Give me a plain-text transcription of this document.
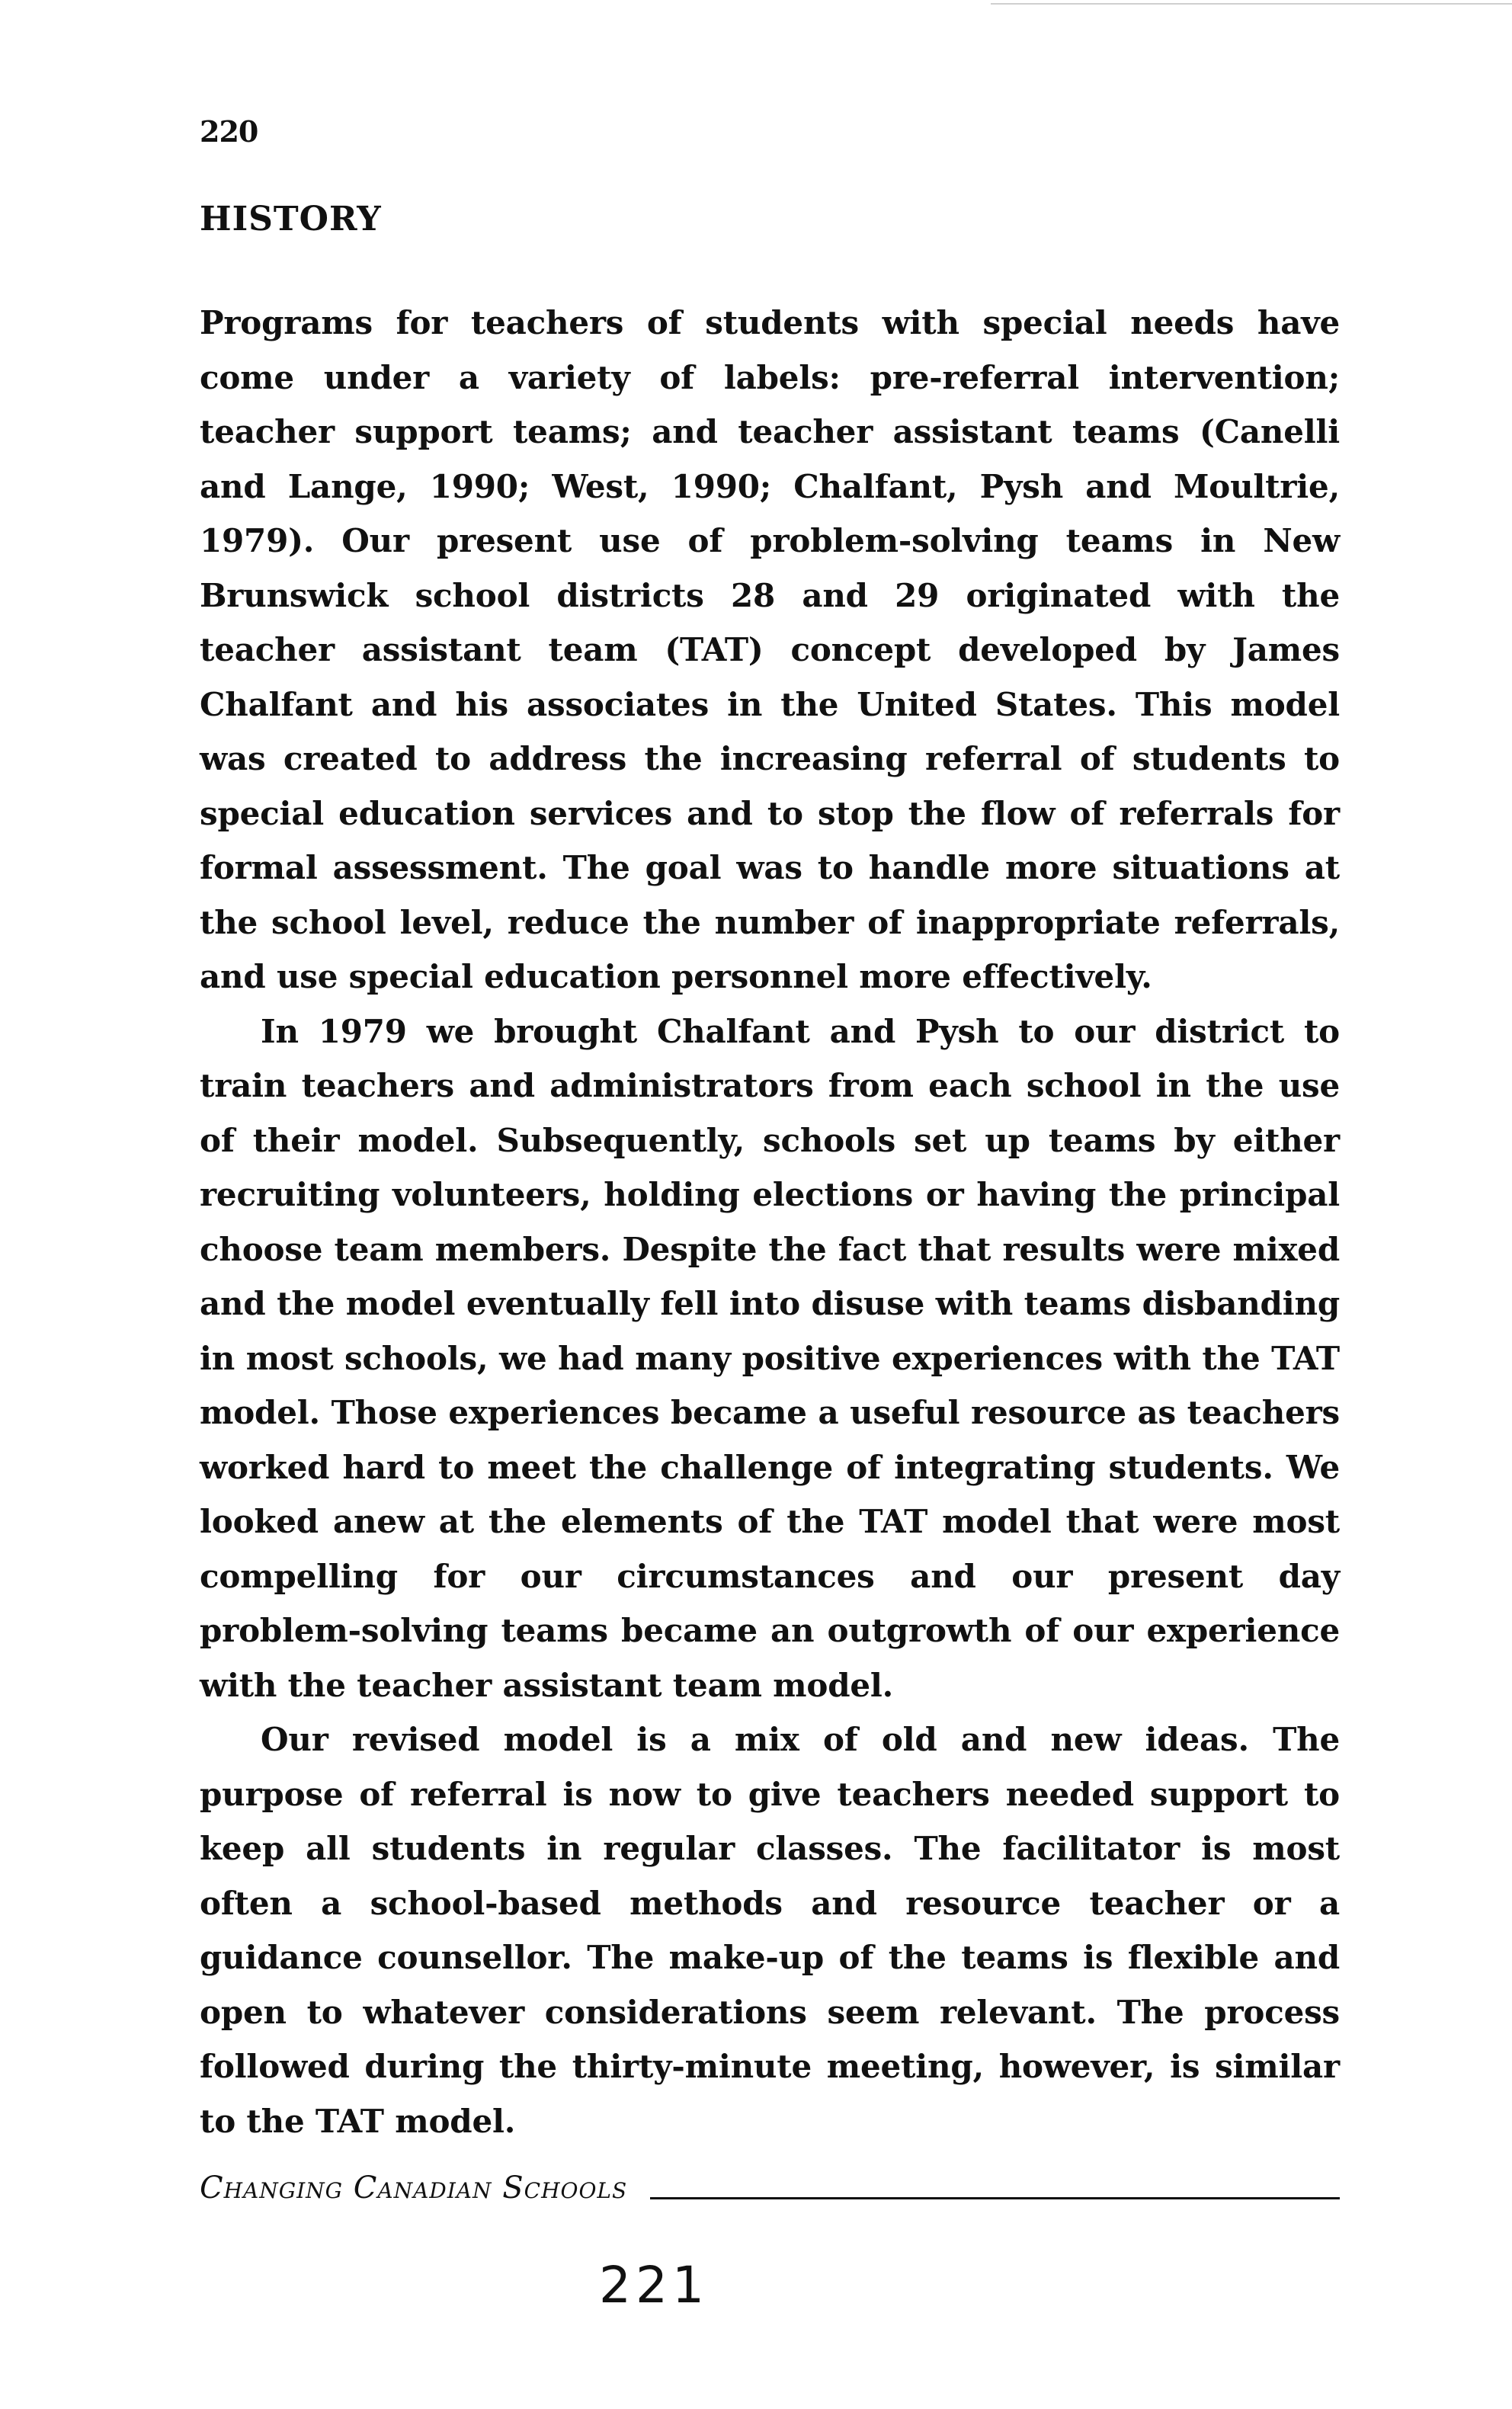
220
HISTORY

Programs for teachers of students with special needs have come under a variety of labels: pre-referral intervention; teacher support teams; and teacher assistant teams (Canelli and Lange, 1990; West, 1990; Chalfant, Pysh and Moultrie, 1979). Our present use of problem-solving teams in New Brunswick school districts 28 and 29 originated with the teacher assistant team (TAT) concept developed by James Chalfant and his associates in the United States. This model was created to address the increasing referral of students to special education services and to stop the flow of referrals for formal assessment. The goal was to handle more situations at the school level, reduce the number of inappropriate referrals, and use special education personnel more effectively.

In 1979 we brought Chalfant and Pysh to our district to train teachers and administrators from each school in the use of their model. Subsequently, schools set up teams by either recruiting volunteers, holding elections or having the principal choose team members. Despite the fact that results were mixed and the model eventually fell into disuse with teams disbanding in most schools, we had many positive experiences with the TAT model. Those experiences became a useful resource as teachers worked hard to meet the challenge of integrating students. We looked anew at the elements of the TAT model that were most compelling for our circumstances and our present day problem-solving teams became an outgrowth of our experience with the teacher assistant team model.

Our revised model is a mix of old and new ideas. The purpose of referral is now to give teachers needed support to keep all students in regular classes. The facilitator is most often a school-based methods and resource teacher or a guidance counsellor. The make-up of the teams is flexible and open to whatever considerations seem relevant. The process followed during the thirty-minute meeting, however, is similar to the TAT model.

Changing Canadian Schools
221
